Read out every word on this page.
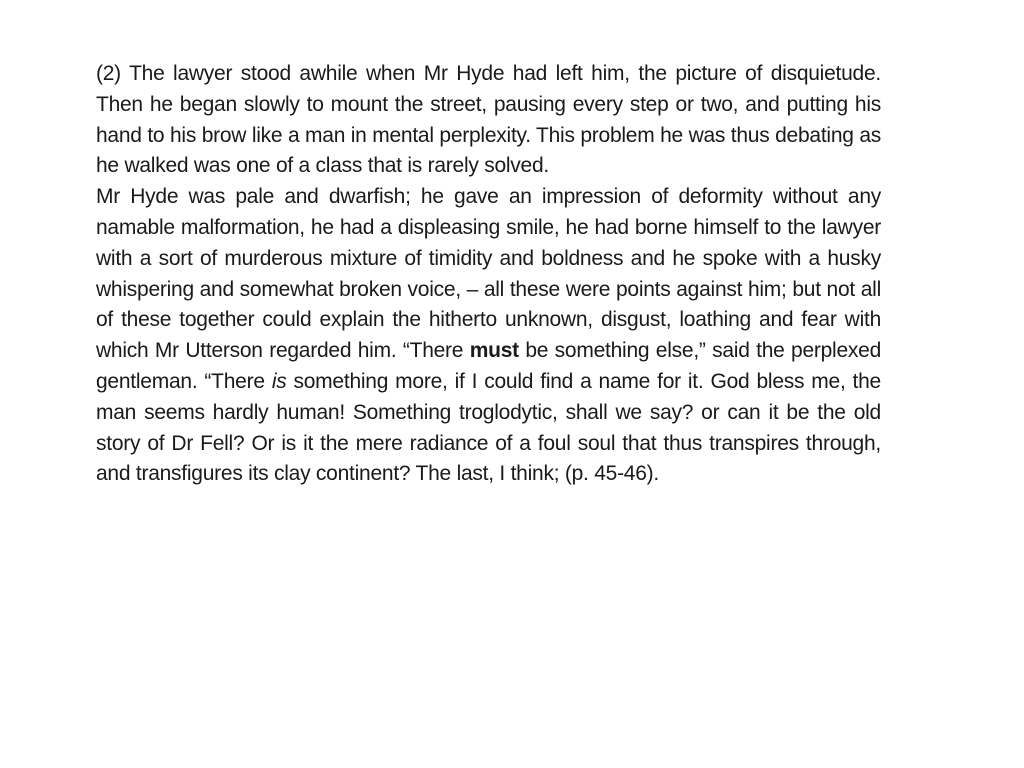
(2) The lawyer stood awhile when Mr Hyde had left him, the picture of disquietude. Then he began slowly to mount the street, pausing every step or two, and putting his hand to his brow like a man in mental perplexity. This problem he was thus debating as he walked was one of a class that is rarely solved.

Mr Hyde was pale and dwarfish; he gave an impression of deformity without any namable malformation, he had a displeasing smile, he had borne himself to the lawyer with a sort of murderous mixture of timidity and boldness and he spoke with a husky whispering and somewhat broken voice, – all these were points against him; but not all of these together could explain the hitherto unknown, disgust, loathing and fear with which Mr Utterson regarded him. “There must be something else,” said the perplexed gentleman. “There is something more, if I could find a name for it. God bless me, the man seems hardly human! Something troglodytic, shall we say? or can it be the old story of Dr Fell? Or is it the mere radiance of a foul soul that thus transpires through, and transfigures its clay continent? The last, I think; (p. 45-46).
